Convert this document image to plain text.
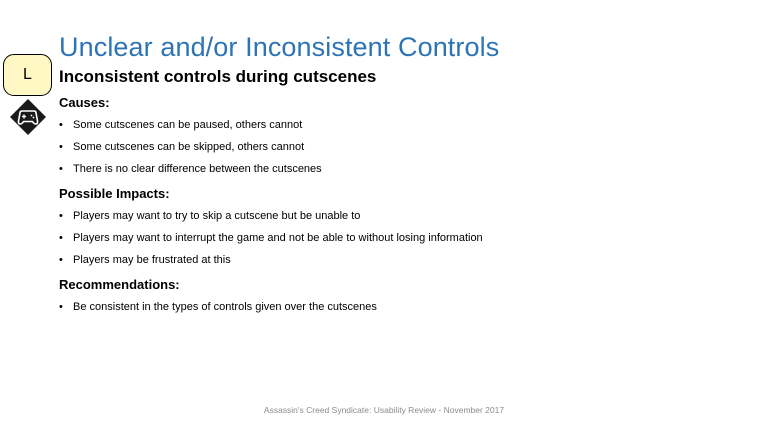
Unclear and/or Inconsistent Controls
L Inconsistent controls during cutscenes
Causes:
• Some cutscenes can be paused, others cannot
• Some cutscenes can be skipped, others cannot
• There is no clear difference between the cutscenes
Possible Impacts:
• Players may want to try to skip a cutscene but be unable to
• Players may want to interrupt the game and not be able to without losing information
• Players may be frustrated at this
Recommendations:
• Be consistent in the types of controls given over the cutscenes
Assassin's Creed Syndicate: Usability Review - November 2017
